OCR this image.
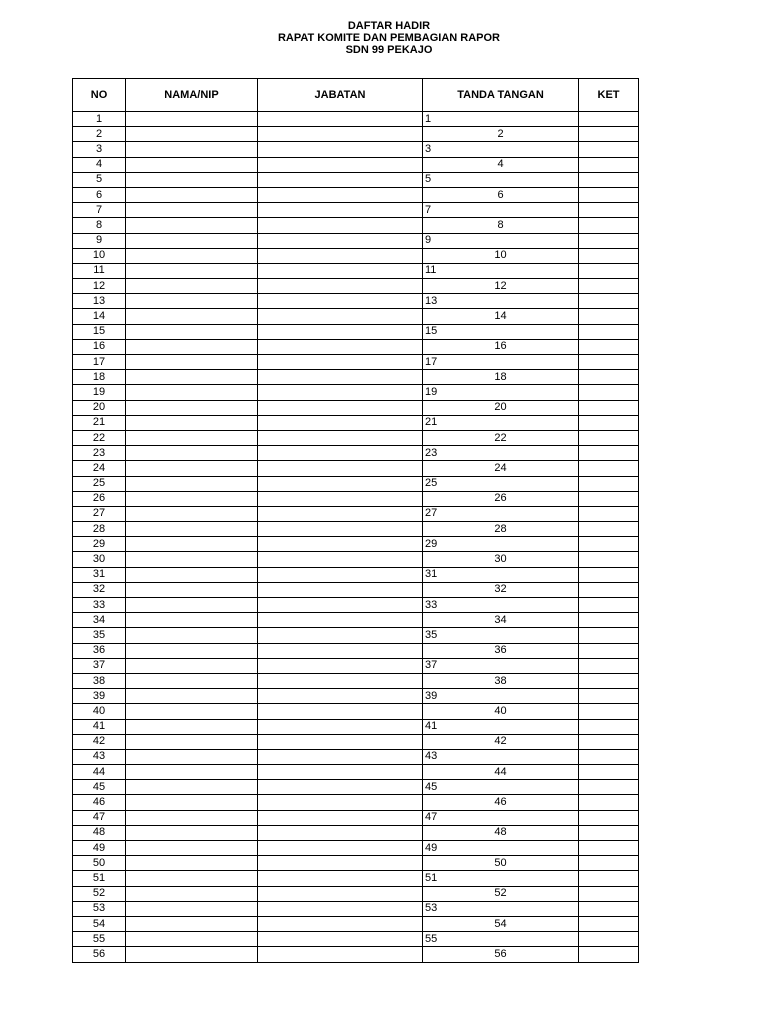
DAFTAR HADIR
RAPAT KOMITE DAN PEMBAGIAN RAPOR
SDN 99 PEKAJO
NO	NAMA/NIP	JABATAN	TANDA TANGAN	KET
1			1	

2			2	

3			3	

4			4	

5			5	

6			6	

7			7	

8			8	

9			9	

10			10	

11			11	

12			12	

13			13	

14			14	

15			15	

16			16	

17			17	

18			18	

19			19	

20			20	

21			21	

22			22	

23			23	

24			24	

25			25	

26			26	

27			27	

28			28	

29			29	

30			30	

31			31	

32			32	

33			33	

34			34	

35			35	

36			36	

37			37	

38			38	

39			39	

40			40	

41			41	

42			42	

43			43	

44			44	

45			45	

46			46	

47			47	

48			48	

49			49	

50			50	

51			51	

52			52	

53			53	

54			54	

55			55	

56			56	
